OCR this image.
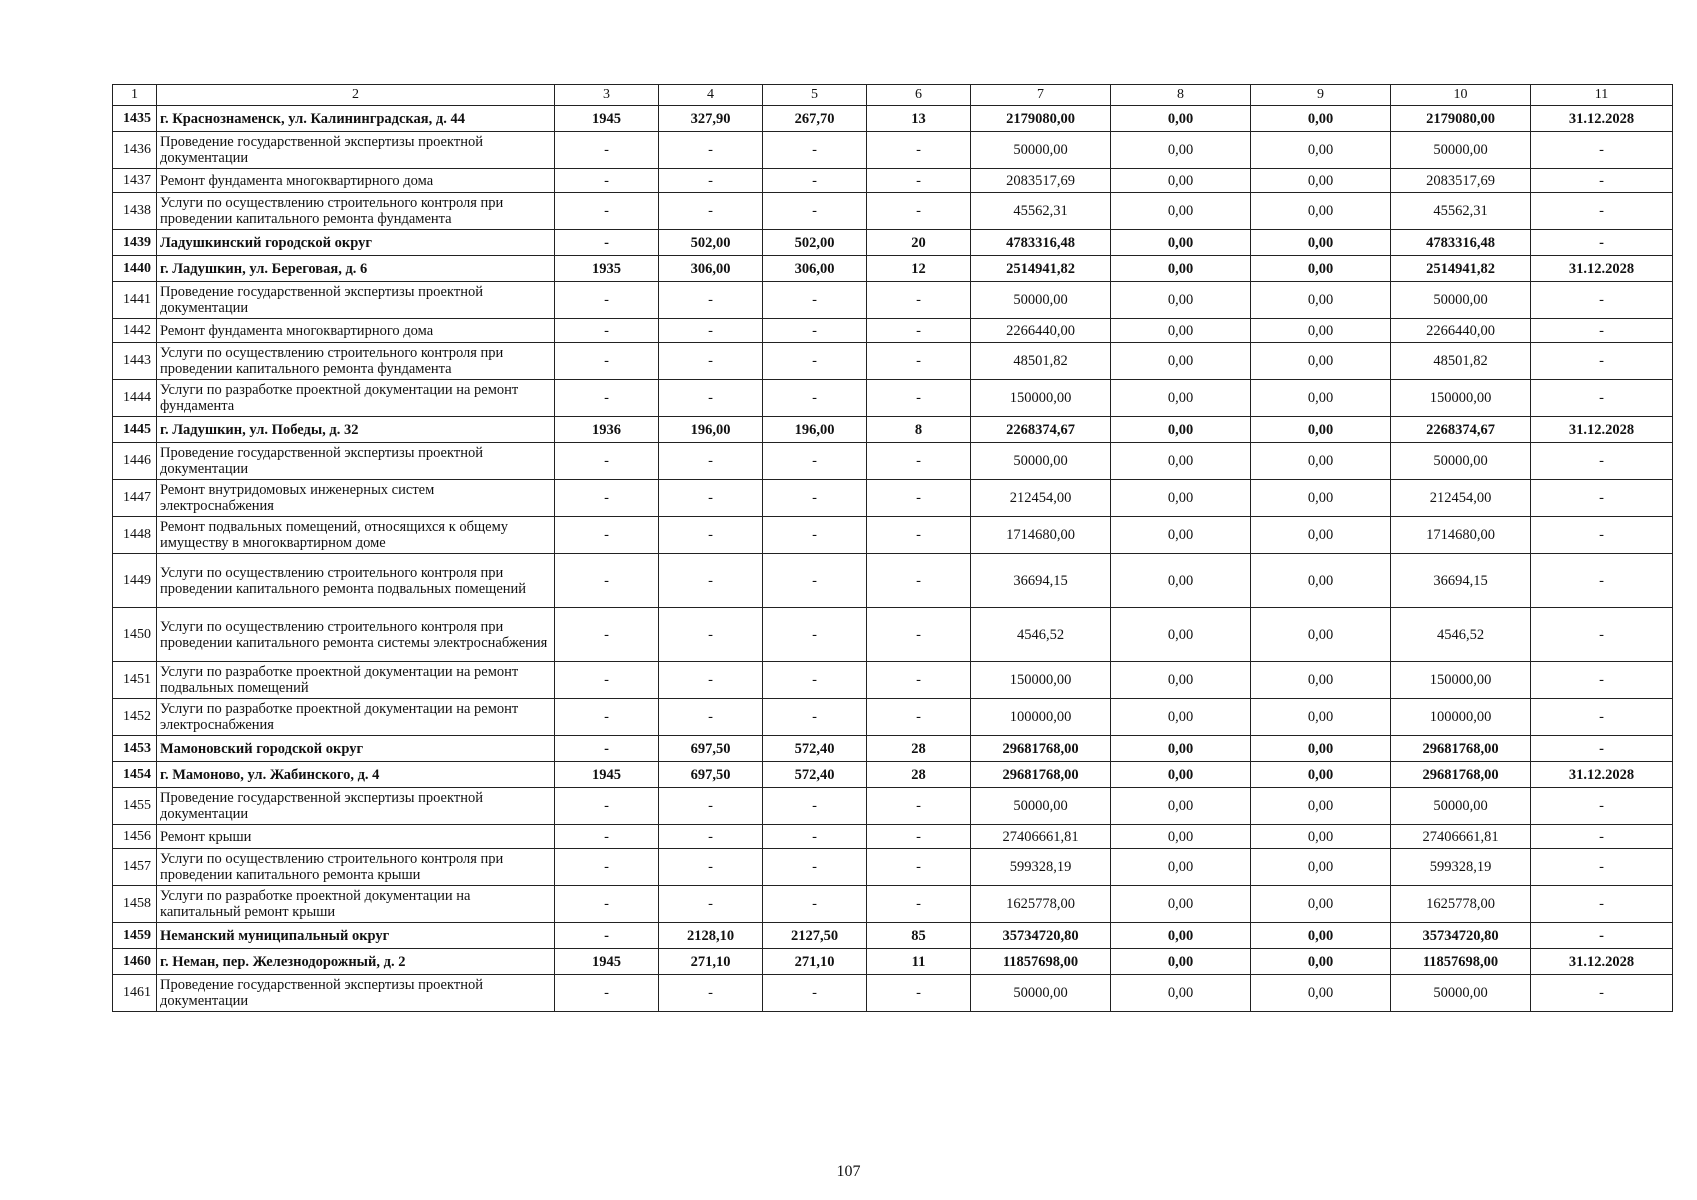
1	2	3	4	5	6	7	8	9	10	11
1435	г. Краснознаменск, ул. Калининградская, д. 44	1945	327,90	267,70	13	2179080,00	0,00	0,00	2179080,00	31.12.2028
1436	Проведение государственной экспертизы проектной документации	-	-	-	-	50000,00	0,00	0,00	50000,00	-
1437	Ремонт фундамента многоквартирного дома	-	-	-	-	2083517,69	0,00	0,00	2083517,69	-
1438	Услуги по осуществлению строительного контроля при проведении капитального ремонта фундамента	-	-	-	-	45562,31	0,00	0,00	45562,31	-
1439	Ладушкинский городской округ	-	502,00	502,00	20	4783316,48	0,00	0,00	4783316,48	-
1440	г. Ладушкин, ул. Береговая, д. 6	1935	306,00	306,00	12	2514941,82	0,00	0,00	2514941,82	31.12.2028
1441	Проведение государственной экспертизы проектной документации	-	-	-	-	50000,00	0,00	0,00	50000,00	-
1442	Ремонт фундамента многоквартирного дома	-	-	-	-	2266440,00	0,00	0,00	2266440,00	-
1443	Услуги по осуществлению строительного контроля при проведении капитального ремонта фундамента	-	-	-	-	48501,82	0,00	0,00	48501,82	-
1444	Услуги по разработке проектной документации на ремонт фундамента	-	-	-	-	150000,00	0,00	0,00	150000,00	-
1445	г. Ладушкин, ул. Победы, д. 32	1936	196,00	196,00	8	2268374,67	0,00	0,00	2268374,67	31.12.2028
1446	Проведение государственной экспертизы проектной документации	-	-	-	-	50000,00	0,00	0,00	50000,00	-
1447	Ремонт внутридомовых инженерных систем электроснабжения	-	-	-	-	212454,00	0,00	0,00	212454,00	-
1448	Ремонт подвальных помещений, относящихся к общему имуществу в многоквартирном доме	-	-	-	-	1714680,00	0,00	0,00	1714680,00	-
1449	Услуги по осуществлению строительного контроля при проведении капитального ремонта подвальных помещений	-	-	-	-	36694,15	0,00	0,00	36694,15	-
1450	Услуги по осуществлению строительного контроля при проведении капитального ремонта системы электроснабжения	-	-	-	-	4546,52	0,00	0,00	4546,52	-
1451	Услуги по разработке проектной документации на ремонт подвальных помещений	-	-	-	-	150000,00	0,00	0,00	150000,00	-
1452	Услуги по разработке проектной документации на ремонт электроснабжения	-	-	-	-	100000,00	0,00	0,00	100000,00	-
1453	Мамоновский городской округ	-	697,50	572,40	28	29681768,00	0,00	0,00	29681768,00	-
1454	г. Мамоново, ул. Жабинского, д. 4	1945	697,50	572,40	28	29681768,00	0,00	0,00	29681768,00	31.12.2028
1455	Проведение государственной экспертизы проектной документации	-	-	-	-	50000,00	0,00	0,00	50000,00	-
1456	Ремонт крыши	-	-	-	-	27406661,81	0,00	0,00	27406661,81	-
1457	Услуги по осуществлению строительного контроля при проведении капитального ремонта крыши	-	-	-	-	599328,19	0,00	0,00	599328,19	-
1458	Услуги по разработке проектной документации на капитальный ремонт крыши	-	-	-	-	1625778,00	0,00	0,00	1625778,00	-
1459	Неманский муниципальный округ	-	2128,10	2127,50	85	35734720,80	0,00	0,00	35734720,80	-
1460	г. Неман, пер. Железнодорожный, д. 2	1945	271,10	271,10	11	11857698,00	0,00	0,00	11857698,00	31.12.2028
1461	Проведение государственной экспертизы проектной документации	-	-	-	-	50000,00	0,00	0,00	50000,00	-
107
